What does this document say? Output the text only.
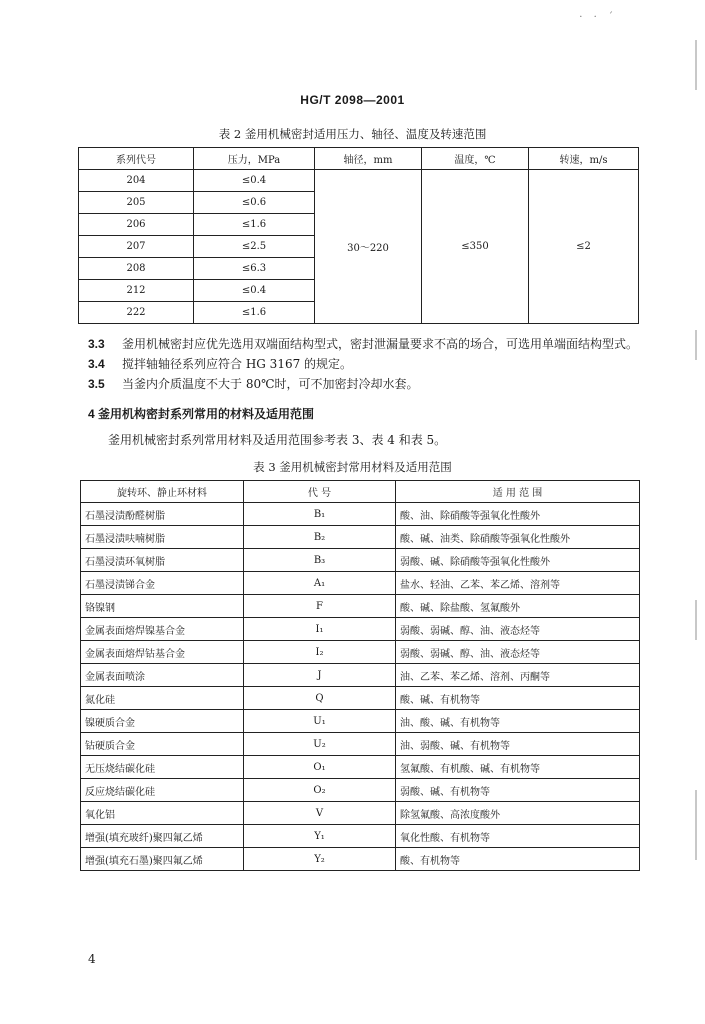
· · ˊ
HG/T 2098—2001
表 2 釜用机械密封适用压力、轴径、温度及转速范围
系列代号	压力，MPa	轴径，mm	温度，℃	转速，m/s
204	≤0.4	30～220	≤350	≤2
205	≤0.6			
206	≤1.6			
207	≤2.5			
208	≤6.3			
212	≤0.4			
222	≤1.6			
3.3 釜用机械密封应优先选用双端面结构型式，密封泄漏量要求不高的场合，可选用单端面结构型式。
3.4 搅拌轴轴径系列应符合 HG 3167 的规定。
3.5 当釜内介质温度不大于 80℃时，可不加密封冷却水套。
4 釜用机构密封系列常用的材料及适用范围
釜用机械密封系列常用材料及适用范围参考表 3、表 4 和表 5。
表 3 釜用机械密封常用材料及适用范围
旋转环、静止环材料	代 号	适 用 范 围
石墨浸渍酚醛树脂	B₁	酸、油、除硝酸等强氧化性酸外
石墨浸渍呋喃树脂	B₂	酸、碱、油类、除硝酸等强氧化性酸外
石墨浸渍环氧树脂	B₃	弱酸、碱、除硝酸等强氧化性酸外
石墨浸渍锑合金	A₁	盐水、轻油、乙苯、苯乙烯、溶剂等
铬镍钢	F	酸、碱、除盐酸、氢氟酸外
金属表面熔焊镍基合金	I₁	弱酸、弱碱、醇、油、液态烃等
金属表面熔焊钴基合金	I₂	弱酸、弱碱、醇、油、液态烃等
金属表面喷涂	J	油、乙苯、苯乙烯、溶剂、丙酮等
氮化硅	Q	酸、碱、有机物等
镍硬质合金	U₁	油、酸、碱、有机物等
钴硬质合金	U₂	油、弱酸、碱、有机物等
无压烧结碳化硅	O₁	氢氟酸、有机酸、碱、有机物等
反应烧结碳化硅	O₂	弱酸、碱、有机物等
氧化铝	V	除氢氟酸、高浓度酸外
增强(填充玻纤)聚四氟乙烯	Y₁	氧化性酸、有机物等
增强(填充石墨)聚四氟乙烯	Y₂	酸、有机物等
4
